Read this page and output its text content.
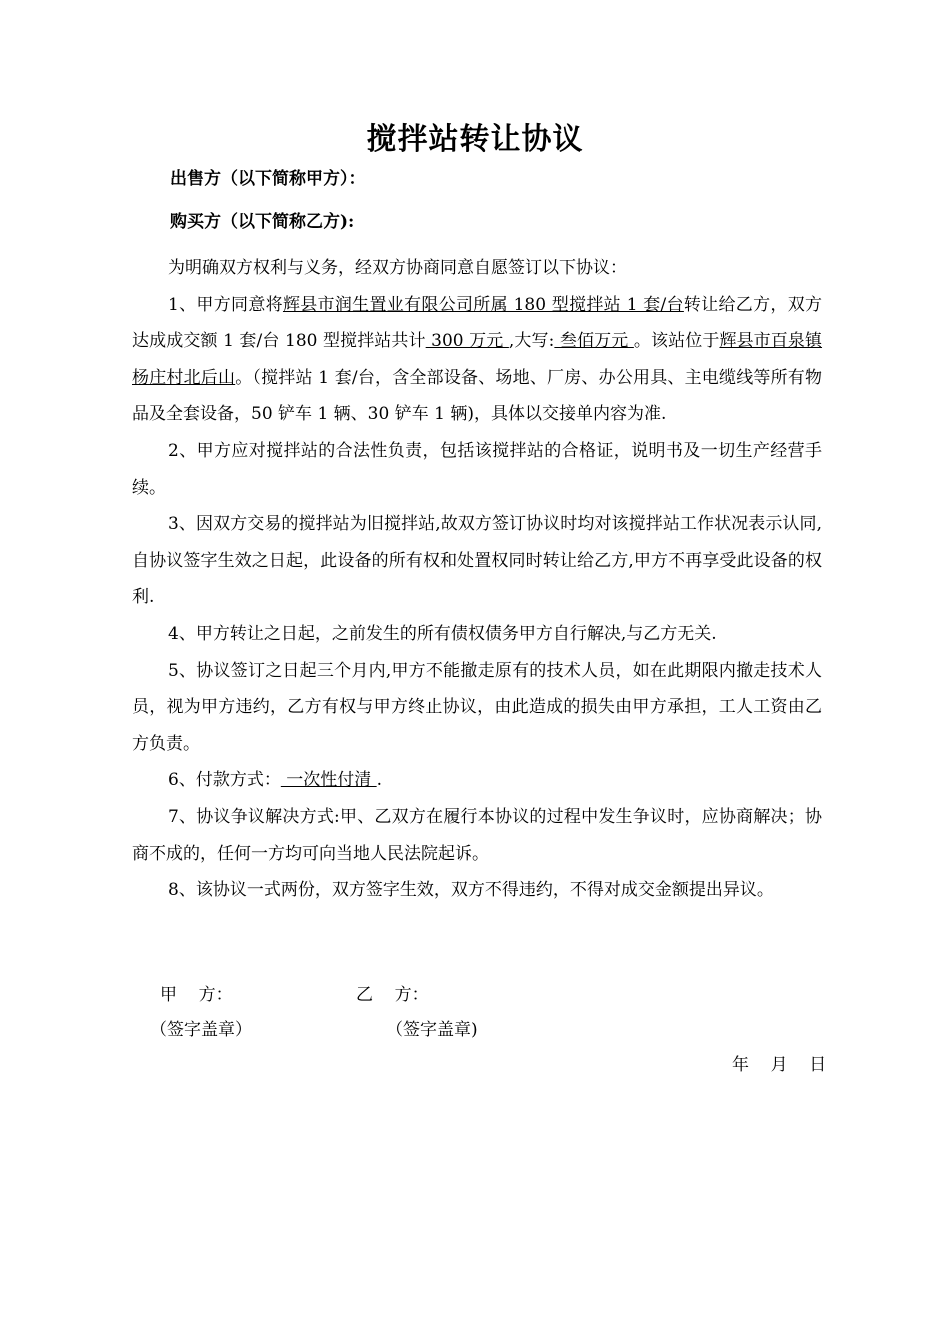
搅拌站转让协议
出售方（以下简称甲方）：
购买方（以下简称乙方):

为明确双方权利与义务，经双方协商同意自愿签订以下协议：

1、甲方同意将辉县市润生置业有限公司所属 180 型搅拌站 1 套/台转让给乙方，双方达成成交额 1 套/台 180 型搅拌站共计 300 万元 ,大写: 叁佰万元 。该站位于辉县市百泉镇杨庄村北后山。（搅拌站 1 套/台，含全部设备、场地、厂房、办公用具、主电缆线等所有物品及全套设备，50 铲车 1 辆、30 铲车 1 辆)，具体以交接单内容为准.

2、甲方应对搅拌站的合法性负责，包括该搅拌站的合格证，说明书及一切生产经营手续。

3、因双方交易的搅拌站为旧搅拌站,故双方签订协议时均对该搅拌站工作状况表示认同,自协议签字生效之日起，此设备的所有权和处置权同时转让给乙方,甲方不再享受此设备的权利.

4、甲方转让之日起，之前发生的所有债权债务甲方自行解决,与乙方无关.

5、协议签订之日起三个月内,甲方不能撤走原有的技术人员，如在此期限内撤走技术人员，视为甲方违约，乙方有权与甲方终止协议，由此造成的损失由甲方承担，工人工资由乙方负责。

6、付款方式： 一次性付清 .

7、协议争议解决方式:甲、乙双方在履行本协议的过程中发生争议时，应协商解决；协商不成的，任何一方均可向当地人民法院起诉。

8、该协议一式两份，双方签字生效，双方不得违约，不得对成交金额提出异议。

甲    方：	乙    方：
（签字盖章）	（签字盖章)
年    月    日
